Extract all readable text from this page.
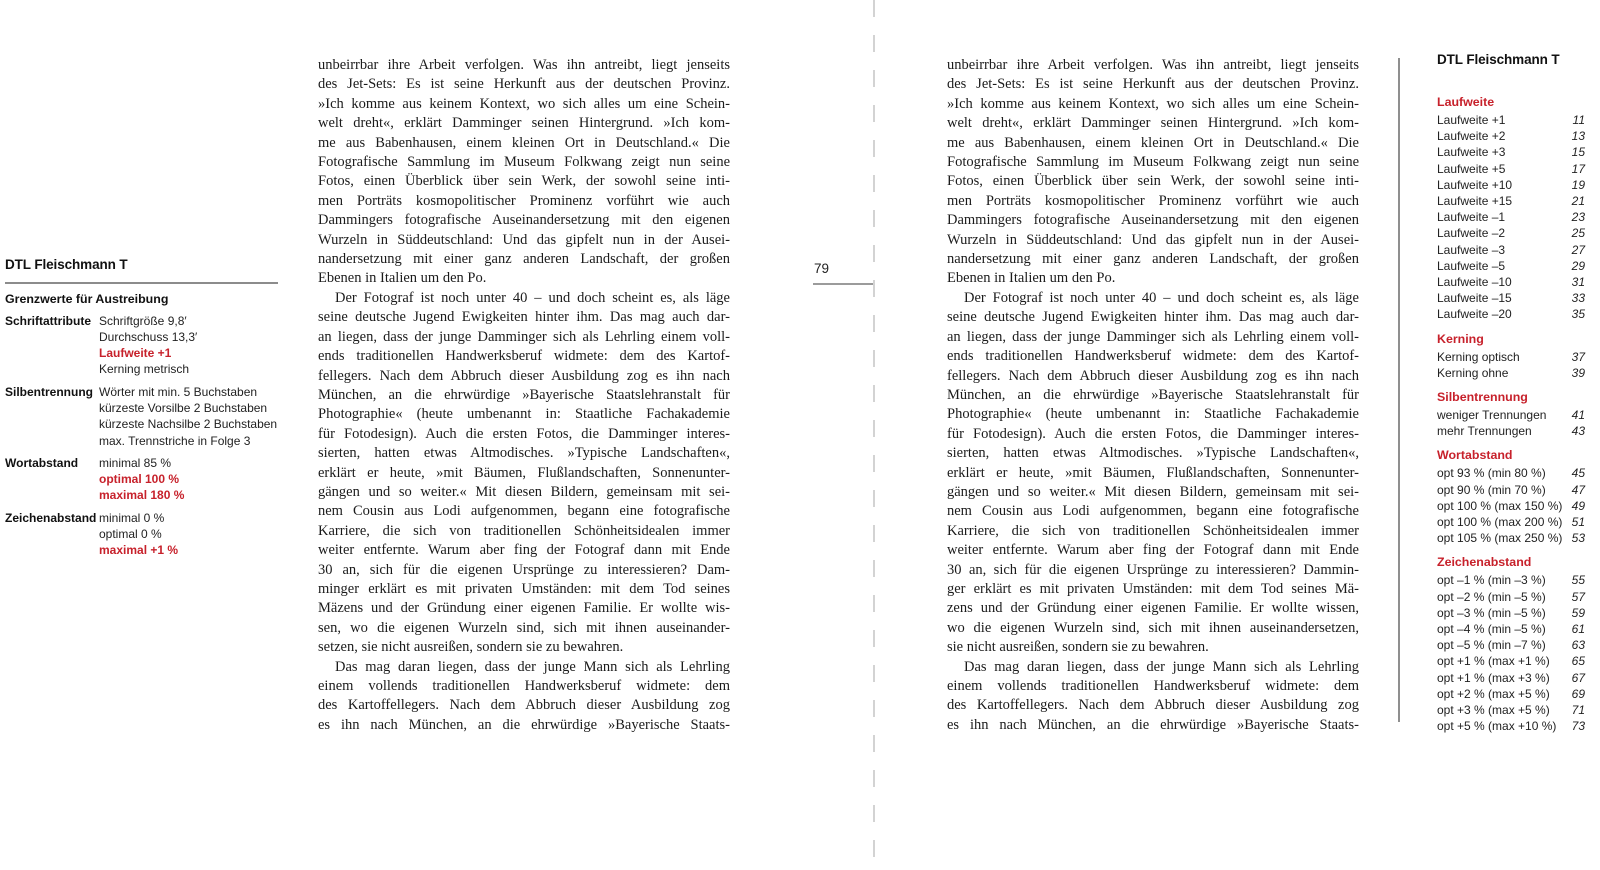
DTL Fleischmann T
Grenzwerte für Austreibung
Schriftattribute Schriftgröße 9,8′
Durchschuss 13,3′
Laufweite +1
Kerning metrisch
Silbentrennung Wörter mit min. 5 Buchstaben
kürzeste Vorsilbe 2 Buchstaben
kürzeste Nachsilbe 2 Buchstaben
max. Trennstriche in Folge 3
Wortabstand	minimal 85 %
optimal 100 %
maximal 180 %
Zeichenabstand minimal 0 %
optimal 0 %
maximal +1 %
79
unbeirrbar ihre Arbeit verfolgen. Was ihn antreibt, liegt jenseits
des Jet-Sets: Es ist seine Herkunft aus der deutschen Provinz.
»Ich komme aus keinem Kontext, wo sich alles um eine Schein-
welt dreht«, erklärt Damminger seinen Hintergrund. »Ich kom-
me aus Babenhausen, einem kleinen Ort in Deutschland.« Die
Fotografische Sammlung im Museum Folkwang zeigt nun seine
Fotos, einen Überblick über sein Werk, der sowohl seine inti-
men Porträts kosmopolitischer Prominenz vorführt wie auch
Dammingers fotografische Auseinandersetzung mit den eigenen
Wurzeln in Süddeutschland: Und das gipfelt nun in der Ausei-
nandersetzung mit einer ganz anderen Landschaft, der großen
Ebenen in Italien um den Po.
Der Fotograf ist noch unter 40 – und doch scheint es, als läge
seine deutsche Jugend Ewigkeiten hinter ihm. Das mag auch dar-
an liegen, dass der junge Damminger sich als Lehrling einem voll-
ends traditionellen Handwerksberuf widmete: dem des Kartof-
fellegers. Nach dem Abbruch dieser Ausbildung zog es ihn nach
München, an die ehrwürdige »Bayerische Staatslehranstalt für
Photographie« (heute umbenannt in: Staatliche Fachakademie
für Fotodesign). Auch die ersten Fotos, die Damminger interes-
sierten, hatten etwas Altmodisches. »Typische Landschaften«,
erklärt er heute, »mit Bäumen, Flußlandschaften, Sonnenunter-
gängen und so weiter.« Mit diesen Bildern, gemeinsam mit sei-
nem Cousin aus Lodi aufgenommen, begann eine fotografische
Karriere, die sich von traditionellen Schönheitsidealen immer
weiter entfernte. Warum aber fing der Fotograf dann mit Ende
30 an, sich für die eigenen Ursprünge zu interessieren? Dam-
minger erklärt es mit privaten Umständen: mit dem Tod seines
Mäzens und der Gründung einer eigenen Familie. Er wollte wis-
sen, wo die eigenen Wurzeln sind, sich mit ihnen auseinander-
setzen, sie nicht ausreißen, sondern sie zu bewahren.
Das mag daran liegen, dass der junge Mann sich als Lehrling
einem vollends traditionellen Handwerksberuf widmete: dem
des Kartoffellegers. Nach dem Abbruch dieser Ausbildung zog
es ihn nach München, an die ehrwürdige »Bayerische Staats-
unbeirrbar ihre Arbeit verfolgen. Was ihn antreibt, liegt jenseits
des Jet-Sets: Es ist seine Herkunft aus der deutschen Provinz.
»Ich komme aus keinem Kontext, wo sich alles um eine Schein-
welt dreht«, erklärt Damminger seinen Hintergrund. »Ich kom-
me aus Babenhausen, einem kleinen Ort in Deutschland.« Die
Fotografische Sammlung im Museum Folkwang zeigt nun seine
Fotos, einen Überblick über sein Werk, der sowohl seine inti-
men Porträts kosmopolitischer Prominenz vorführt wie auch
Dammingers fotografische Auseinandersetzung mit den eigenen
Wurzeln in Süddeutschland: Und das gipfelt nun in der Ausei-
nandersetzung mit einer ganz anderen Landschaft, der großen
Ebenen in Italien um den Po.
Der Fotograf ist noch unter 40 – und doch scheint es, als läge
seine deutsche Jugend Ewigkeiten hinter ihm. Das mag auch dar-
an liegen, dass der junge Damminger sich als Lehrling einem voll-
ends traditionellen Handwerksberuf widmete: dem des Kartof-
fellegers. Nach dem Abbruch dieser Ausbildung zog es ihn nach
München, an die ehrwürdige »Bayerische Staatslehranstalt für
Photographie« (heute umbenannt in: Staatliche Fachakademie
für Fotodesign). Auch die ersten Fotos, die Damminger interes-
sierten, hatten etwas Altmodisches. »Typische Landschaften«,
erklärt er heute, »mit Bäumen, Flußlandschaften, Sonnenunter-
gängen und so weiter.« Mit diesen Bildern, gemeinsam mit sei-
nem Cousin aus Lodi aufgenommen, begann eine fotografische
Karriere, die sich von traditionellen Schönheitsidealen immer
weiter entfernte. Warum aber fing der Fotograf dann mit Ende
30 an, sich für die eigenen Ursprünge zu interessieren? Dammin-
ger erklärt es mit privaten Umständen: mit dem Tod seines Mä-
zens und der Gründung einer eigenen Familie. Er wollte wissen,
wo die eigenen Wurzeln sind, sich mit ihnen auseinandersetzen,
sie nicht ausreißen, sondern sie zu bewahren.
Das mag daran liegen, dass der junge Mann sich als Lehrling
einem vollends traditionellen Handwerksberuf widmete: dem
des Kartoffellegers. Nach dem Abbruch dieser Ausbildung zog
es ihn nach München, an die ehrwürdige »Bayerische Staats-
DTL Fleischmann T
Laufweite
Laufweite +1	11
Laufweite +2	13
Laufweite +3	15
Laufweite +5	17
Laufweite +10	19
Laufweite +15	21
Laufweite –1	23
Laufweite –2	25
Laufweite –3	27
Laufweite –5	29
Laufweite –10	31
Laufweite –15	33
Laufweite –20	35
Kerning
Kerning optisch	37
Kerning ohne	39
Silbentrennung
weniger Trennungen 41
mehr Trennungen	43
Wortabstand
opt 93 % (min 80 %) 45
opt 90 % (min 70 %) 47
opt 100 % (max 150 %) 49
opt 100 % (max 200 %) 51
opt 105 % (max 250 %) 53
Zeichenabstand
opt –1 % (min –3 %) 55
opt –2 % (min –5 %) 57
opt –3 % (min –5 %) 59
opt –4 % (min –5 %) 61
opt –5 % (min –7 %) 63
opt +1 % (max +1 %) 65
opt +1 % (max +3 %) 67
opt +2 % (max +5 %) 69
opt +3 % (max +5 %) 71
opt +5 % (max +10 %) 73
